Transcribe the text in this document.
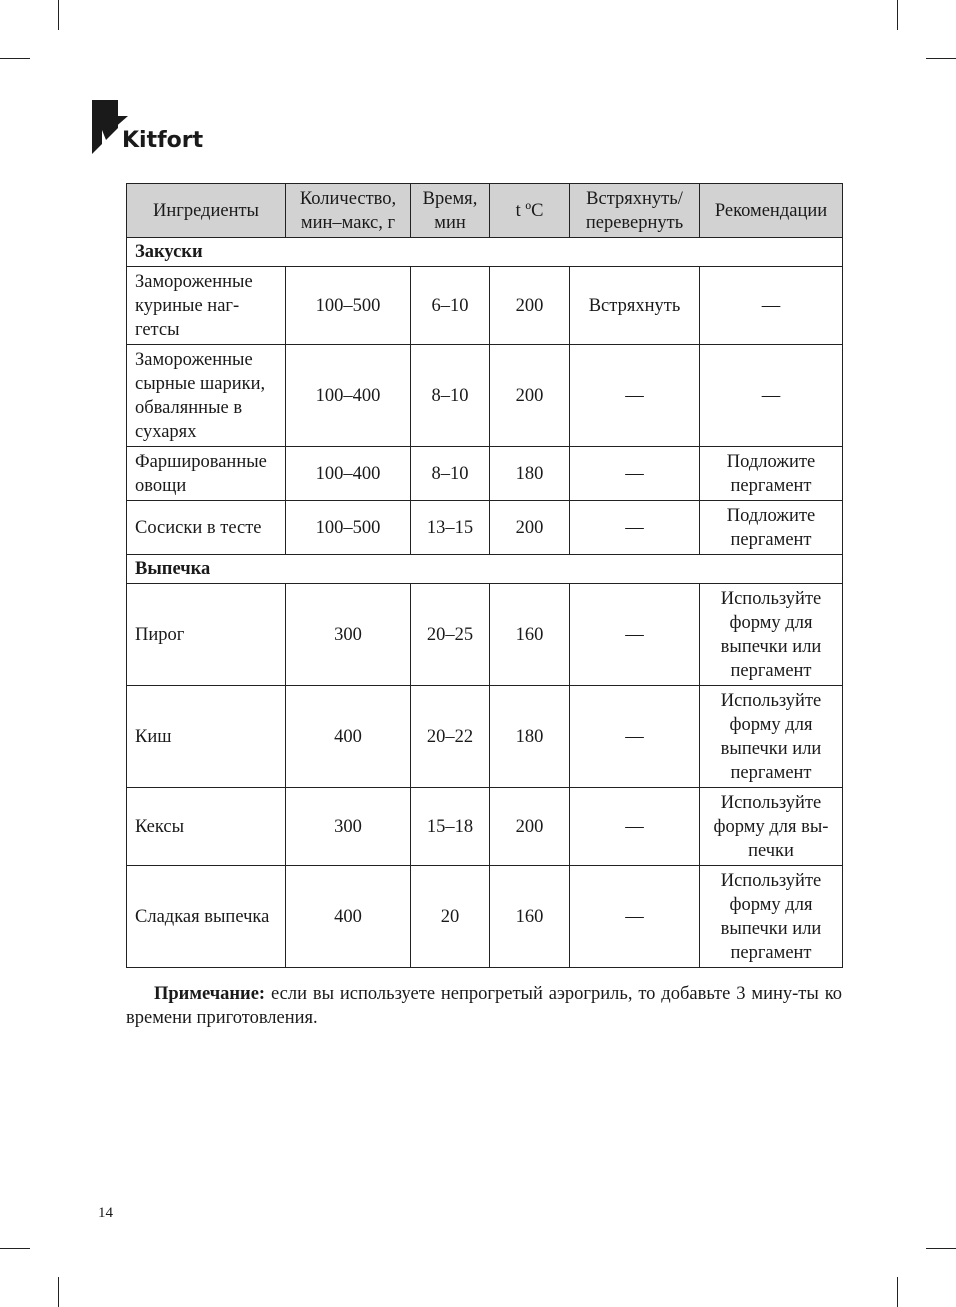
Kitfort
Ингредиенты	Количество, мин–макс, г	Время, мин	t ºC	Встряхнуть/ перевернуть	Рекомендации
Закуски					
Замороженные куриные наг-гетсы	100–500	6–10	200	Встряхнуть	—
Замороженные сырные шарики, обвалянные в сухарях	100–400	8–10	200	—	—
Фаршированные овощи	100–400	8–10	180	—	Подложите пергамент
Сосиски в тесте	100–500	13–15	200	—	Подложите пергамент
Выпечка					
Пирог	300	20–25	160	—	Используйте форму для выпечки или пергамент
Киш	400	20–22	180	—	Используйте форму для выпечки или пергамент
Кексы	300	15–18	200	—	Используйте форму для вы-печки
Сладкая выпечка	400	20	160	—	Используйте форму для выпечки или пергамент
Примечание: если вы используете непрогретый аэрогриль, то добавьте 3 мину-ты ко времени приготовления.
14
